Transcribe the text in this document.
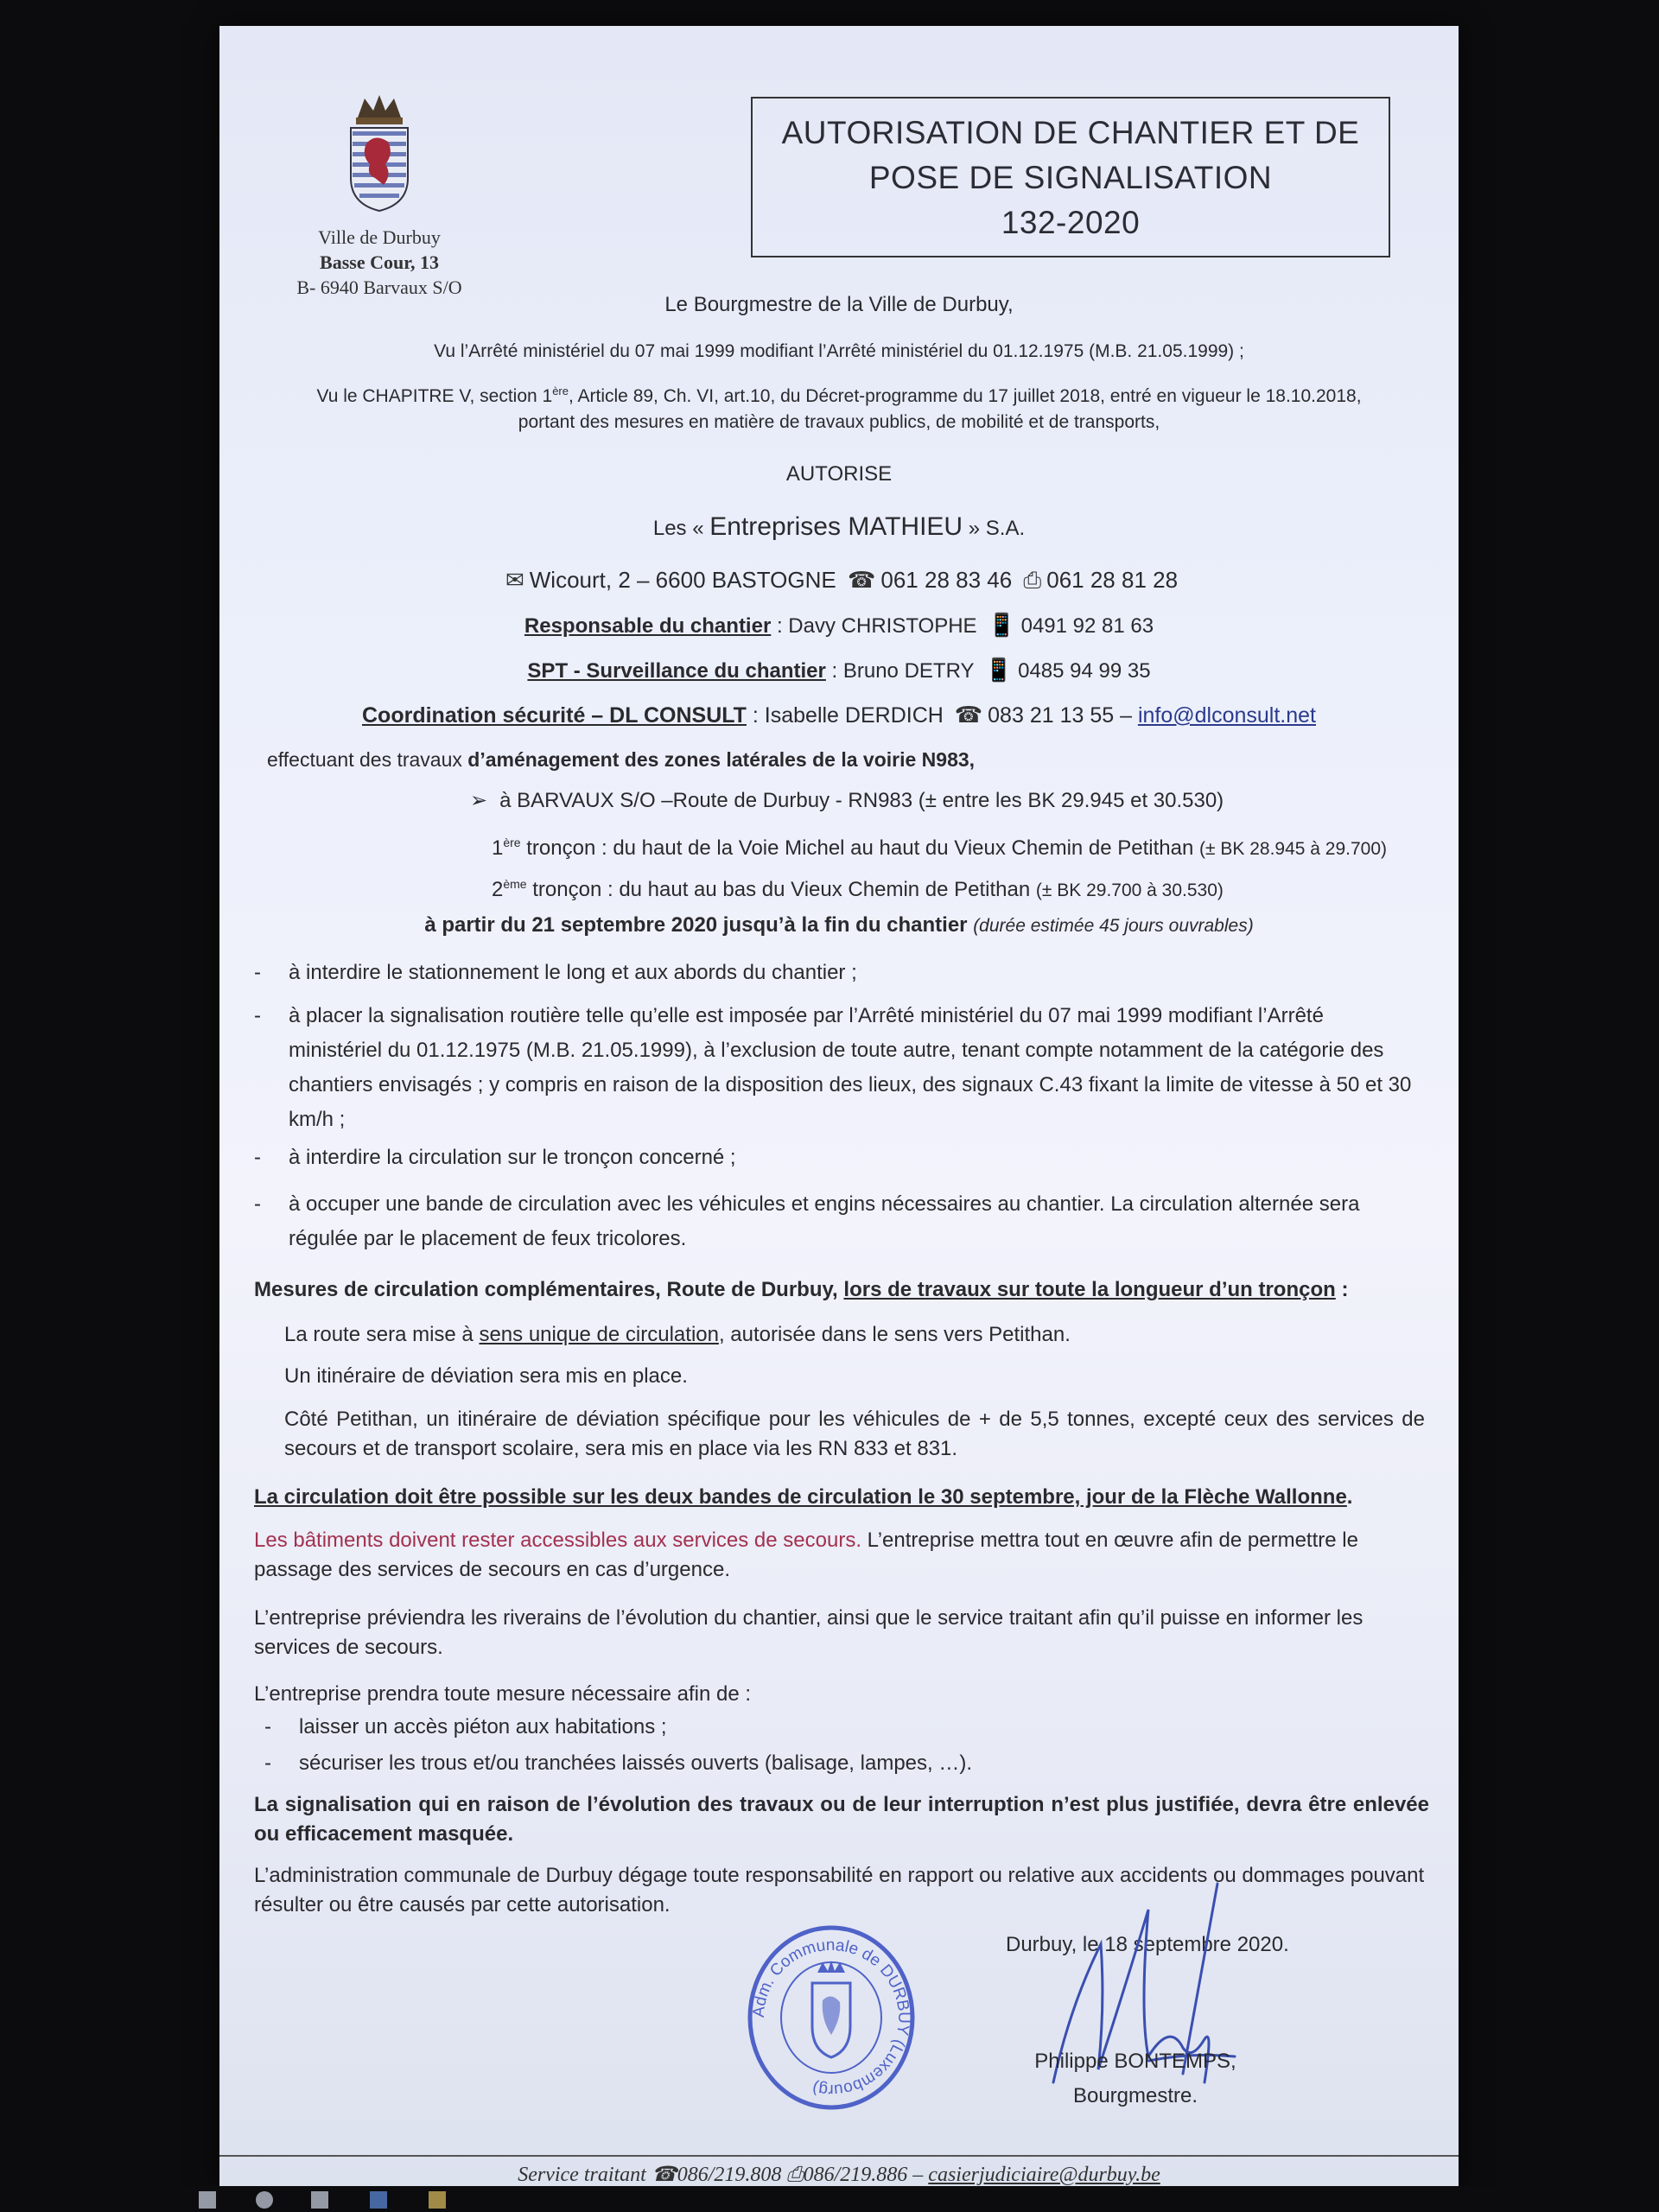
Ville de Durbuy
Basse Cour, 13
B- 6940 Barvaux S/O
AUTORISATION DE CHANTIER ET DE
POSE DE SIGNALISATION
132-2020
Le Bourgmestre de la Ville de Durbuy,
Vu l’Arrêté ministériel du 07 mai 1999 modifiant l’Arrêté ministériel du 01.12.1975 (M.B. 21.05.1999) ;
Vu le CHAPITRE V, section 1ère, Article 89, Ch. VI, art.10, du Décret-programme du 17 juillet 2018, entré en vigueur le 18.10.2018,
portant des mesures en matière de travaux publics, de mobilité et de transports,
AUTORISE
Les « Entreprises MATHIEU » S.A.
✉ Wicourt, 2 – 6600 BASTOGNE ☎ 061 28 83 46 ⎙ 061 28 81 28
Responsable du chantier : Davy CHRISTOPHE 📱 0491 92 81 63
SPT - Surveillance du chantier : Bruno DETRY 📱 0485 94 99 35
Coordination sécurité – DL CONSULT : Isabelle DERDICH ☎ 083 21 13 55 – info@dlconsult.net
effectuant des travaux d’aménagement des zones latérales de la voirie N983,
➢ à BARVAUX S/O –Route de Durbuy - RN983 (± entre les BK 29.945 et 30.530)
1ère tronçon : du haut de la Voie Michel au haut du Vieux Chemin de Petithan (± BK 28.945 à 29.700)
2ème tronçon : du haut au bas du Vieux Chemin de Petithan (± BK 29.700 à 30.530)
à partir du 21 septembre 2020 jusqu’à la fin du chantier (durée estimée 45 jours ouvrables)
- à interdire le stationnement le long et aux abords du chantier ;
- à placer la signalisation routière telle qu’elle est imposée par l’Arrêté ministériel du 07 mai 1999 modifiant l’Arrêté ministériel du 01.12.1975 (M.B. 21.05.1999), à l’exclusion de toute autre, tenant compte notamment de la catégorie des chantiers envisagés ; y compris en raison de la disposition des lieux, des signaux C.43 fixant la limite de vitesse à 50 et 30 km/h ;
- à interdire la circulation sur le tronçon concerné ;
- à occuper une bande de circulation avec les véhicules et engins nécessaires au chantier. La circulation alternée sera régulée par le placement de feux tricolores.
Mesures de circulation complémentaires, Route de Durbuy, lors de travaux sur toute la longueur d’un tronçon :
La route sera mise à sens unique de circulation, autorisée dans le sens vers Petithan.
Un itinéraire de déviation sera mis en place.
Côté Petithan, un itinéraire de déviation spécifique pour les véhicules de + de 5,5 tonnes, excepté ceux des services de secours et de transport scolaire, sera mis en place via les RN 833 et 831.
La circulation doit être possible sur les deux bandes de circulation le 30 septembre, jour de la Flèche Wallonne.
Les bâtiments doivent rester accessibles aux services de secours. L’entreprise mettra tout en œuvre afin de permettre le passage des services de secours en cas d’urgence.
L’entreprise préviendra les riverains de l’évolution du chantier, ainsi que le service traitant afin qu’il puisse en informer les services de secours.
L’entreprise prendra toute mesure nécessaire afin de :
- laisser un accès piéton aux habitations ;
- sécuriser les trous et/ou tranchées laissés ouverts (balisage, lampes, …).
La signalisation qui en raison de l’évolution des travaux ou de leur interruption n’est plus justifiée, devra être enlevée ou efficacement masquée.
L’administration communale de Durbuy dégage toute responsabilité en rapport ou relative aux accidents ou dommages pouvant résulter ou être causés par cette autorisation.
Adm. Communale de DURBUY (Luxembourg)
Durbuy, le 18 septembre 2020.
Philippe BONTEMPS,
Bourgmestre.
Service traitant ☎086/219.808 ⎙086/219.886 – casierjudiciaire@durbuy.be
